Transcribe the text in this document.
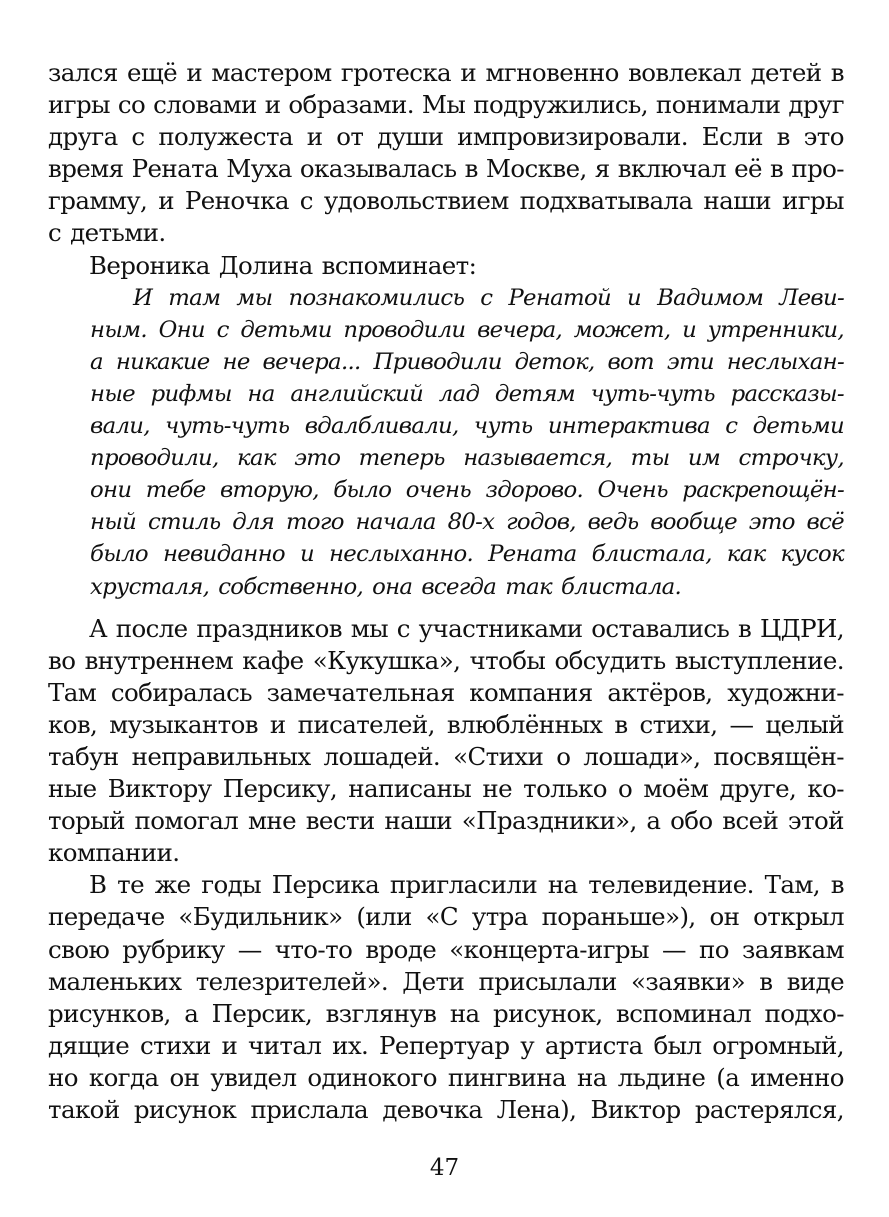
зался ещё и мастером гротеска и мгновенно вовлекал детей в
игры со словами и образами. Мы подружились, понимали друг
друга с полужеста и от души импровизировали. Если в это
время Рената Муха оказывалась в Москве, я включал её в про-
грамму, и Реночка с удовольствием подхватывала наши игры
с детьми.
Вероника Долина вспоминает:
И там мы познакомились с Ренатой и Вадимом Леви-
ным. Они с детьми проводили вечера, может, и утренники,
а никакие не вечера... Приводили деток, вот эти неслыхан-
ные рифмы на английский лад детям чуть-чуть рассказы-
вали, чуть-чуть вдалбливали, чуть интерактива с детьми
проводили, как это теперь называется, ты им строчку,
они тебе вторую, было очень здорово. Очень раскрепощён-
ный стиль для того начала 80-х годов, ведь вообще это всё
было невиданно и неслыханно. Рената блистала, как кусок
хрусталя, собственно, она всегда так блистала.
А после праздников мы с участниками оставались в ЦДРИ,
во внутреннем кафе «Кукушка», чтобы обсудить выступление.
Там собиралась замечательная компания актёров, художни-
ков, музыкантов и писателей, влюблённых в стихи, — целый
табун неправильных лошадей. «Стихи о лошади», посвящён-
ные Виктору Персику, написаны не только о моём друге, ко-
торый помогал мне вести наши «Праздники», а обо всей этой
компании.
В те же годы Персика пригласили на телевидение. Там, в
передаче «Будильник» (или «С утра пораньше»), он открыл
свою рубрику — что-то вроде «концерта-игры — по заявкам
маленьких телезрителей». Дети присылали «заявки» в виде
рисунков, а Персик, взглянув на рисунок, вспоминал подхо-
дящие стихи и читал их. Репертуар у артиста был огромный,
но когда он увидел одинокого пингвина на льдине (а именно
такой рисунок прислала девочка Лена), Виктор растерялся,
47
